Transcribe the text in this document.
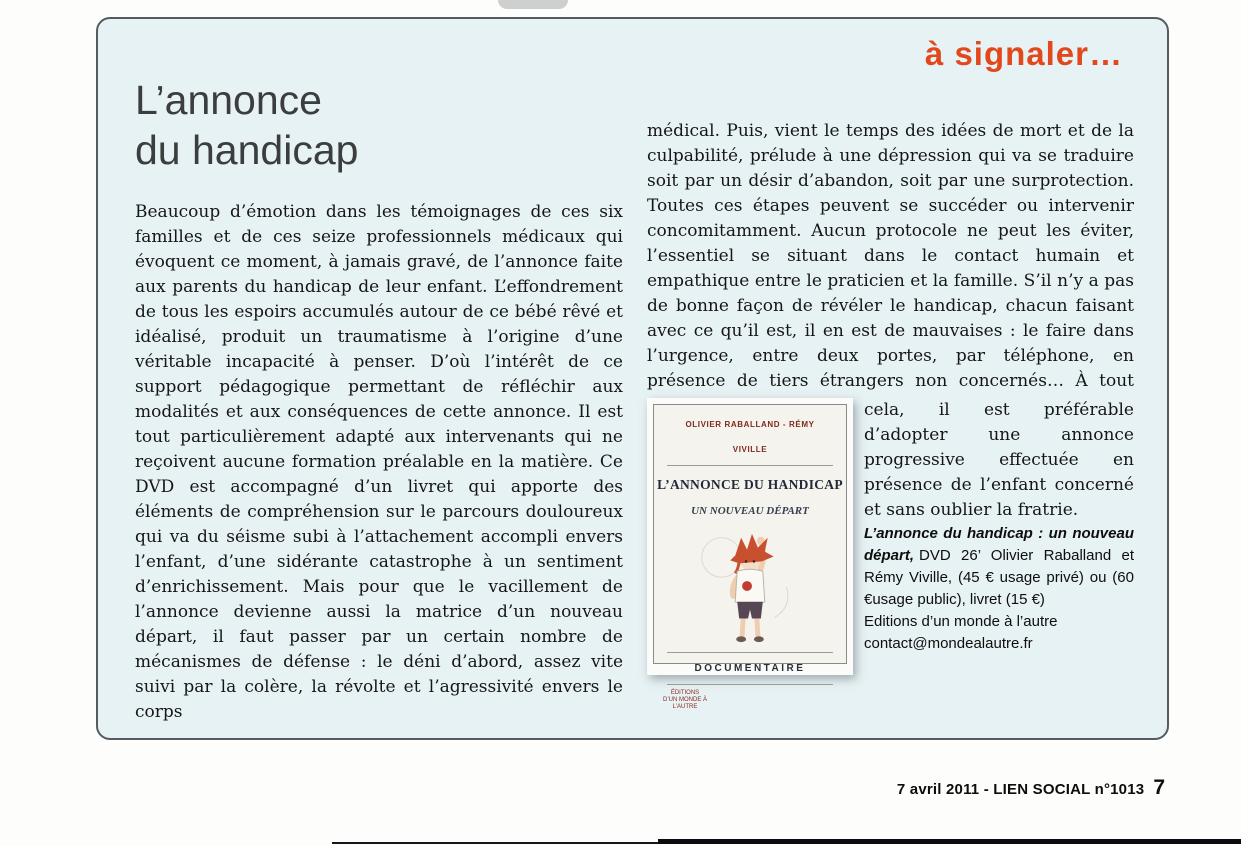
à signaler…
L’annonce
du handicap

Beaucoup d’émotion dans les témoignages de ces six familles et de ces seize professionnels médicaux qui évoquent ce moment, à jamais gravé, de l’annonce faite aux parents du handicap de leur enfant. L’effondrement de tous les espoirs accumulés autour de ce bébé rêvé et idéalisé, produit un traumatisme à l’origine d’une véritable incapacité à penser. D’où l’intérêt de ce support pédagogique permettant de réfléchir aux modalités et aux conséquences de cette annonce. Il est tout particulièrement adapté aux intervenants qui ne reçoivent aucune formation préalable en la matière. Ce DVD est accompagné d’un livret qui apporte des éléments de compréhension sur le parcours douloureux qui va du séisme subi à l’attachement accompli envers l’enfant, d’une sidérante catastrophe à un sentiment d’enrichissement. Mais pour que le vacillement de l’annonce devienne aussi la matrice d’un nouveau départ, il faut passer par un certain nombre de mécanismes de défense : le déni d’abord, assez vite suivi par la colère, la révolte et l’agressivité envers le corps

médical. Puis, vient le temps des idées de mort et de la culpabilité, prélude à une dépression qui va se traduire soit par un désir d’abandon, soit par une surprotection. Toutes ces étapes peuvent se succéder ou intervenir concomitamment. Aucun protocole ne peut les éviter, l’essentiel se situant dans le contact humain et empathique entre le praticien et la famille. S’il n’y a pas de bonne façon de révéler le handicap, chacun faisant avec ce qu’il est, il en est de mauvaises : le faire dans l’urgence, entre deux portes, par téléphone, en présence de tiers étrangers non concernés… À tout

OLIVIER RABALLAND - RÉMY VIVILLE
L’ANNONCE DU HANDICAP
UN NOUVEAU DÉPART
DOCUMENTAIRE
ÉDITIONS D’UN MONDE À L’AUTRE

cela, il est préférable d’adopter une annonce progressive effectuée en présence de l’enfant concerné et sans oublier la fratrie.

L’annonce du handicap : un nouveau départ, DVD 26’ Olivier Raballand et Rémy Viville, (45 € usage privé) ou (60 €usage public), livret (15 €)
Editions d’un monde à l’autre
contact@mondealautre.fr

7 avril 2011 - LIEN SOCIAL n°1013 7
